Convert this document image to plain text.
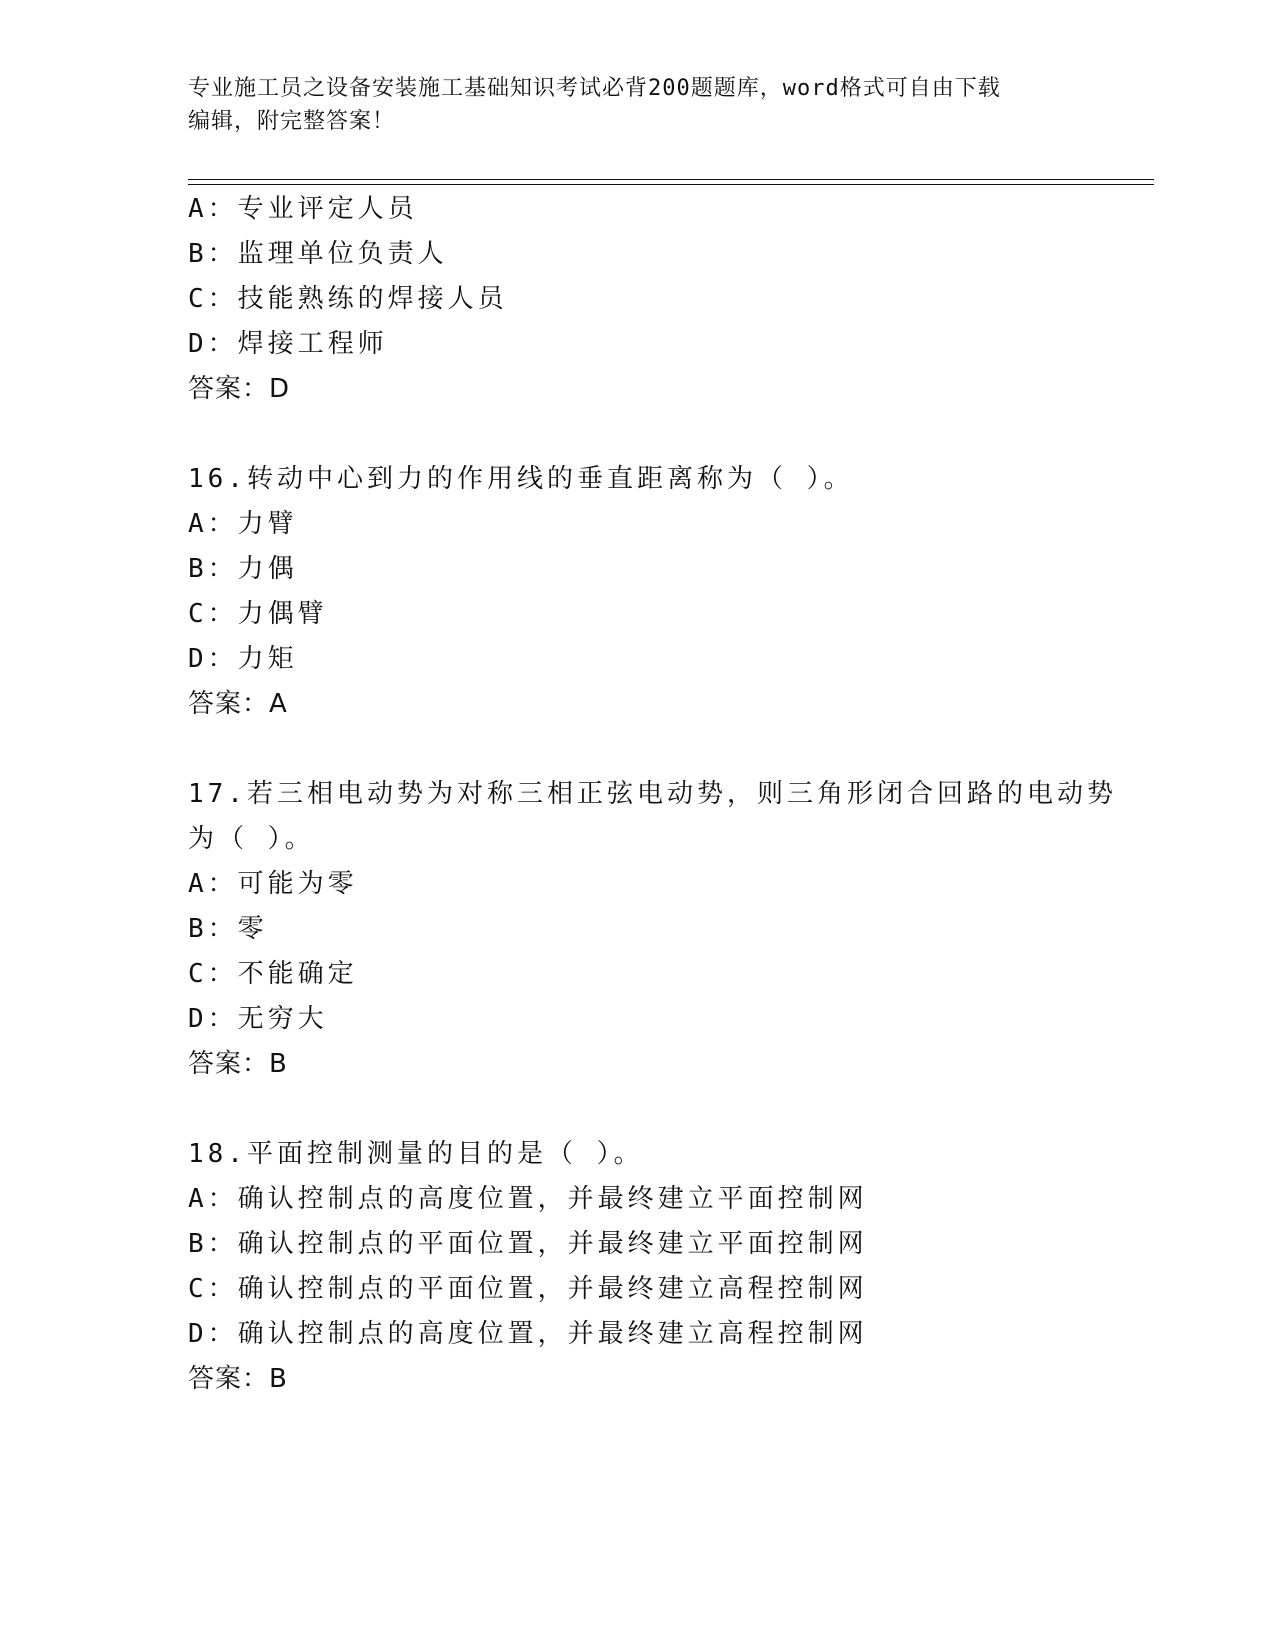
专业施工员之设备安装施工基础知识考试必背200题题库，word格式可自由下载
编辑，附完整答案！
A：专业评定人员
B：监理单位负责人
C：技能熟练的焊接人员
D：焊接工程师
答案：D
16.转动中心到力的作用线的垂直距离称为（ ）。
A：力臂
B：力偶
C：力偶臂
D：力矩
答案：A
17.若三相电动势为对称三相正弦电动势，则三角形闭合回路的电动势
为（ ）。
A：可能为零
B：零
C：不能确定
D：无穷大
答案：B
18.平面控制测量的目的是（ ）。
A：确认控制点的高度位置，并最终建立平面控制网
B：确认控制点的平面位置，并最终建立平面控制网
C：确认控制点的平面位置，并最终建立高程控制网
D：确认控制点的高度位置，并最终建立高程控制网
答案：B
